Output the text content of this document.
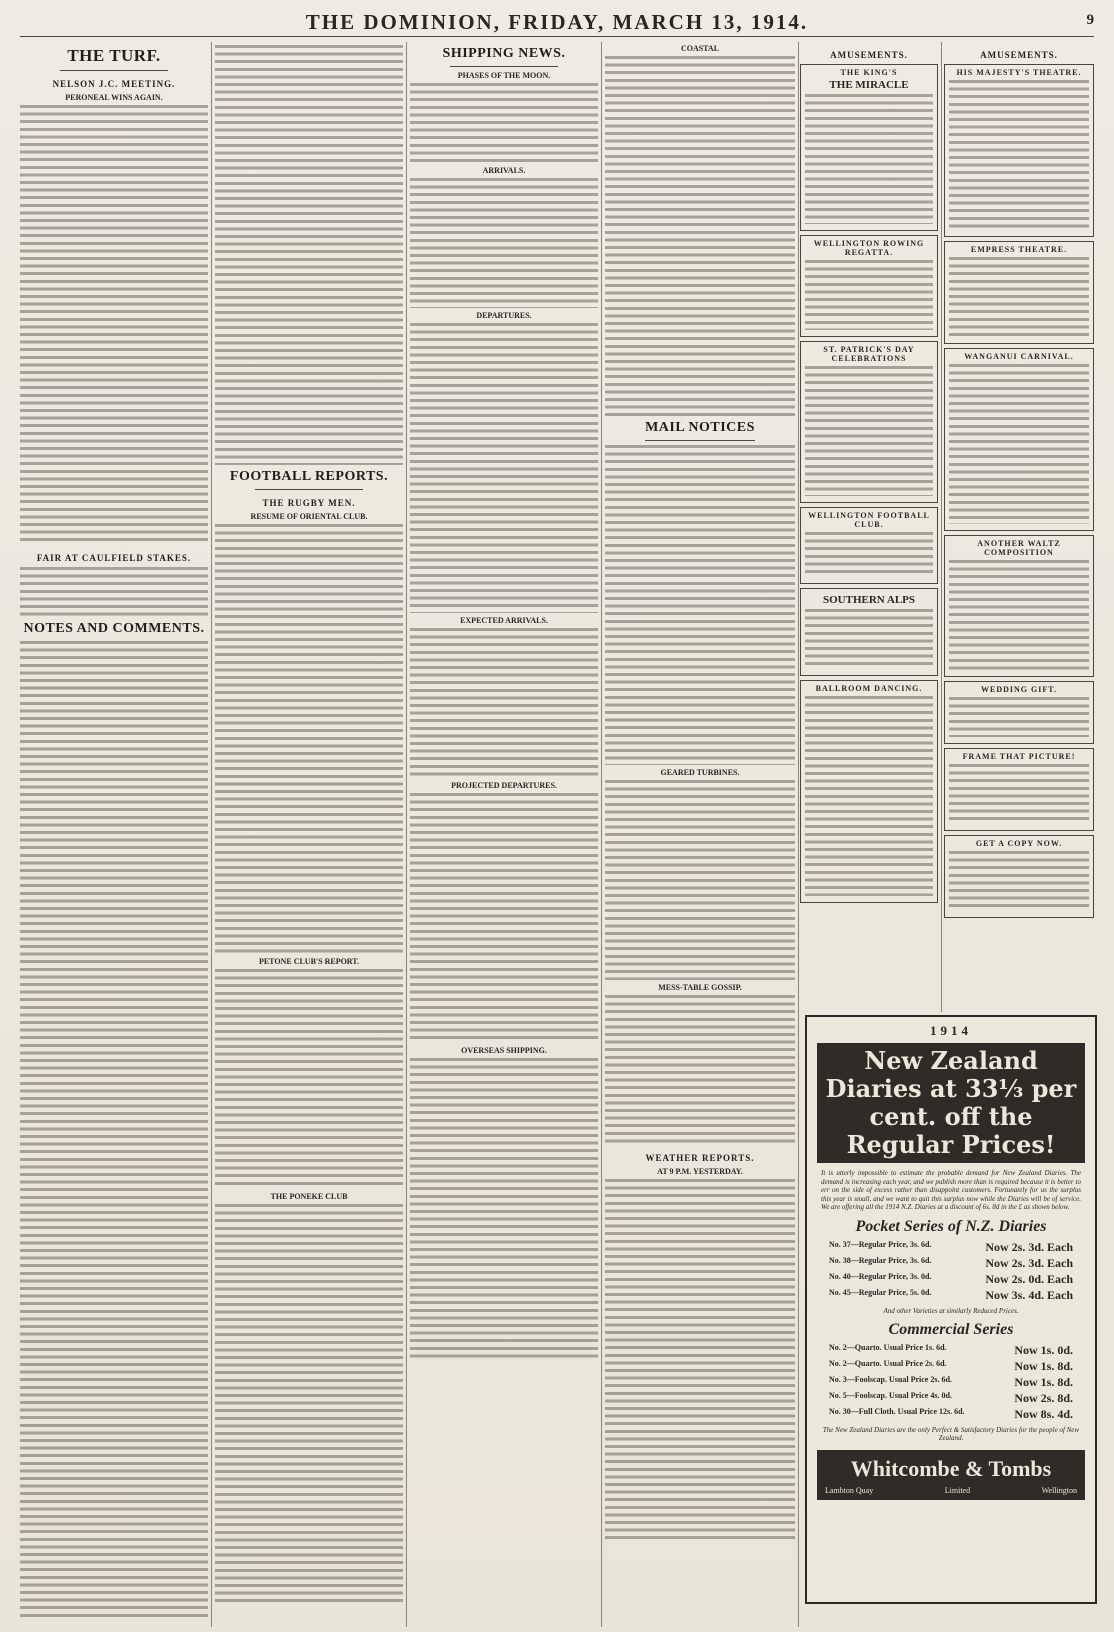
THE DOMINION, FRIDAY, MARCH 13, 1914.	9
THE TURF.
NELSON J.C. MEETING.
PERONEAL WINS AGAIN.
FAIR AT CAULFIELD STAKES.
NOTES AND COMMENTS.
FOOTBALL REPORTS.
THE RUGBY MEN.
RESUME OF ORIENTAL CLUB.
PETONE CLUB'S REPORT.
THE PONEKE CLUB
SHIPPING NEWS.
PHASES OF THE MOON.
ARRIVALS.
DEPARTURES.
EXPECTED ARRIVALS.
PROJECTED DEPARTURES.
OVERSEAS SHIPPING.
COASTAL
MAIL NOTICES
GEARED TURBINES.
MESS-TABLE GOSSIP.
WEATHER REPORTS.
AT 9 P.M. YESTERDAY.
AMUSEMENTS.
THE KING'S
THE MIRACLE
WELLINGTON ROWING REGATTA.
ST. PATRICK'S DAY CELEBRATIONS
WELLINGTON FOOTBALL CLUB.
SOUTHERN ALPS
BALLROOM DANCING.
AMUSEMENTS.
HIS MAJESTY'S THEATRE.
EMPRESS THEATRE.
WANGANUI CARNIVAL.
ANOTHER WALTZ COMPOSITION
WEDDING GIFT.
FRAME THAT PICTURE!
GET A COPY NOW.
1914
New Zealand Diaries at 33⅓ per cent. off the Regular Prices!
It is utterly impossible to estimate the probable demand for New Zealand Diaries. The demand is increasing each year, and we publish more than is required because it is better to err on the side of excess rather than disappoint customers. Fortunately for us the surplus this year is small, and we want to quit this surplus now while the Diaries will be of service. We are offering all the 1914 N.Z. Diaries at a discount of 6s. 8d in the £ as shown below.
Pocket Series of N.Z. Diaries
No. 37—Regular Price, 3s. 6d.	Now 2s. 3d. Each
No. 38—Regular Price, 3s. 6d.	Now 2s. 3d. Each
No. 40—Regular Price, 3s. 0d.	Now 2s. 0d. Each
No. 45—Regular Price, 5s. 0d.	Now 3s. 4d. Each
And other Varieties at similarly Reduced Prices.
Commercial Series
No. 2—Quarto. Usual Price 1s. 6d.	Now 1s. 0d.
No. 2—Quarto. Usual Price 2s. 6d.	Now 1s. 8d.
No. 3—Foolscap. Usual Price 2s. 6d.	Now 1s. 8d.
No. 5—Foolscap. Usual Price 4s. 0d.	Now 2s. 8d.
No. 30—Full Cloth. Usual Price 12s. 6d.	Now 8s. 4d.
The New Zealand Diaries are the only Perfect & Satisfactory Diaries for the people of New Zealand.
Whitcombe & Tombs
Lambton Quay	Limited	Wellington
